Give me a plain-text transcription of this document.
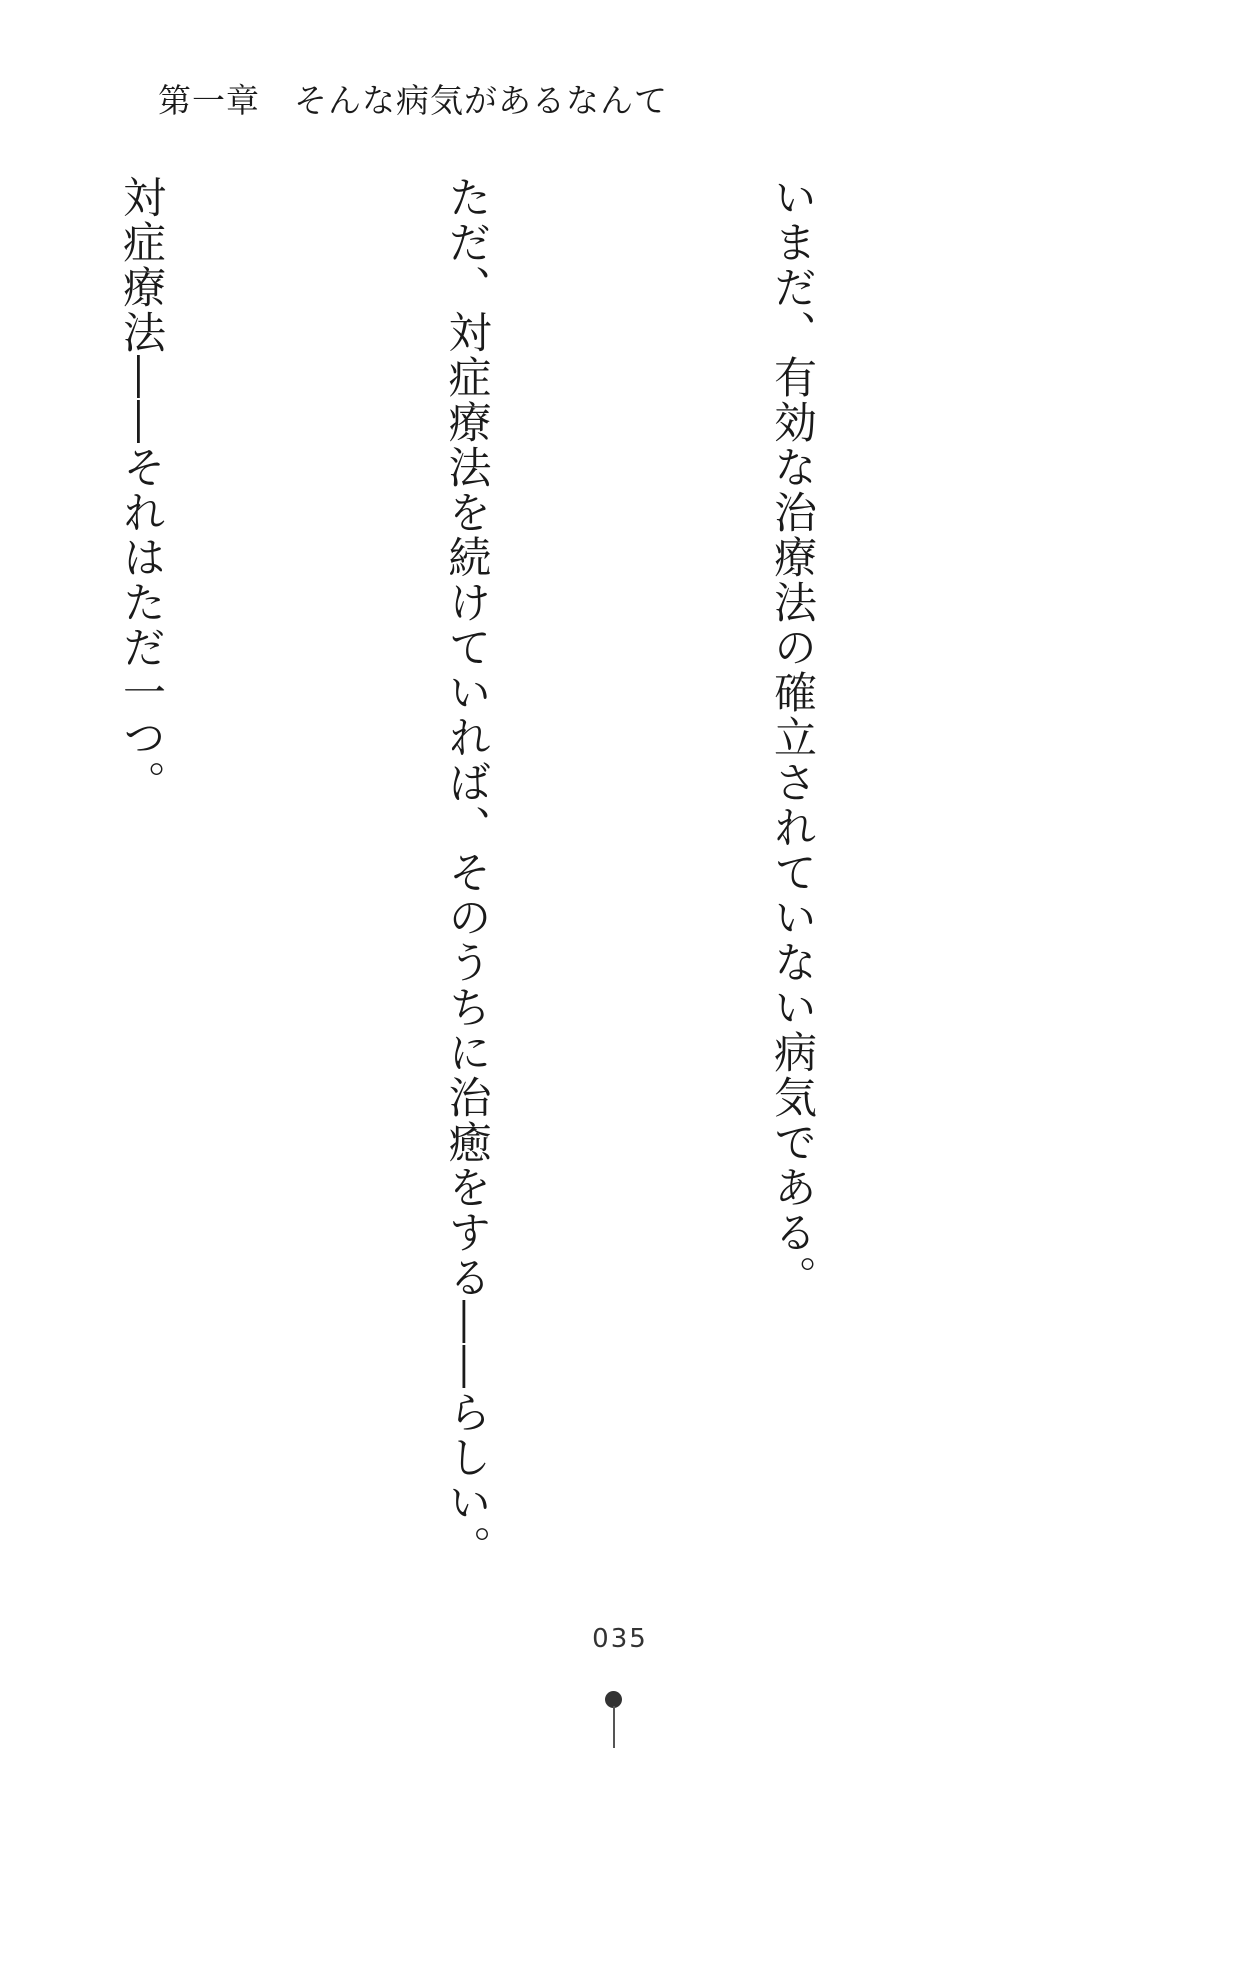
第一章　そんな病気があるなんて

いまだ、有効な治療法の確立されていない病気である。

ただ、対症療法を続けていれば、そのうちに治癒をする――らしい。

対症療法――それはただ一つ。

035
